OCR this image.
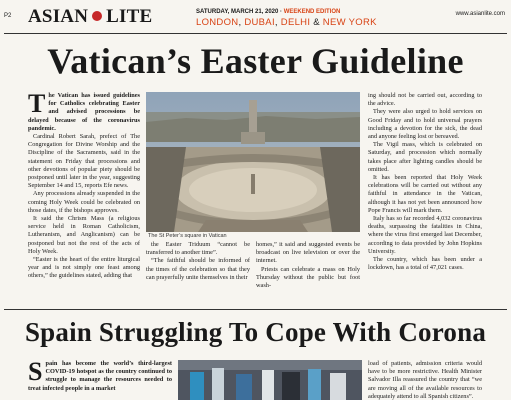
P2 ASIAN LITE	SATURDAY, MARCH 21, 2020 · WEEKEND EDITION
LONDON, DUBAI, DELHI & NEW YORK
www.asianlite.com
Vatican’s Easter Guideline

The Vatican has issued guidelines for Catholics celebrating Easter and advised processions be delayed because of the coronavirus pandemic.

Cardinal Robert Sarah, prefect of The Congregation for Divine Worship and the Discipline of the Sacraments, said in the statement on Friday that processions and other devotions of popular piety should be postponed until later in the year, suggesting September 14 and 15, reports Efe news.

Any processions already suspended in the coming Holy Week could be celebrated on those dates, if the bishops approves.

It said the Chrism Mass (a religious service held in Roman Catholicism, Lutheranism, and Anglicanism) can be postponed but not the rest of the acts of Holy Week.

“Easter is the heart of the entire liturgical year and is not simply one feast among others,” the guidelines stated, adding that

The St Peter’s square in Vatican

the Easter Triduum “cannot be transferred to another time”.

“The faithful should be informed of the times of the celebration so that they can prayerfully unite themselves in their

homes,” it said and suggested events be broadcast on live television or over the internet.

Priests can celebrate a mass on Holy Thursday without the public but foot wash-

ing should not be carried out, according to the advice.

They were also urged to hold services on Good Friday and to hold universal prayers including a devotion for the sick, the dead and anyone feeling lost or bereaved.

The Vigil mass, which is celebrated on Saturday, and procession which normally takes place after lighting candles should be omitted.

It has been reported that Holy Week celebrations will be carried out without any faithful in attendance in the Vatican, although it has not yet been announced how Pope Francis will mark them.

Italy has so far recorded 4,032 coronavirus deaths, surpassing the fatalities in China, where the virus first emerged last December, according to data provided by John Hopkins University.

The country, which has been under a lockdown, has a total of 47,021 cases.

Spain Struggling To Cope With Corona

Spain has become the world’s third-largest COVID-19 hotspot as the country continued to struggle to manage the resources needed to treat infected people in a market

load of patients, admission criteria would have to be more restrictive. Health Minister Salvador Illa reassured the country that “we are moving all of the available resources to adequately attend to all Spanish citizens”.
